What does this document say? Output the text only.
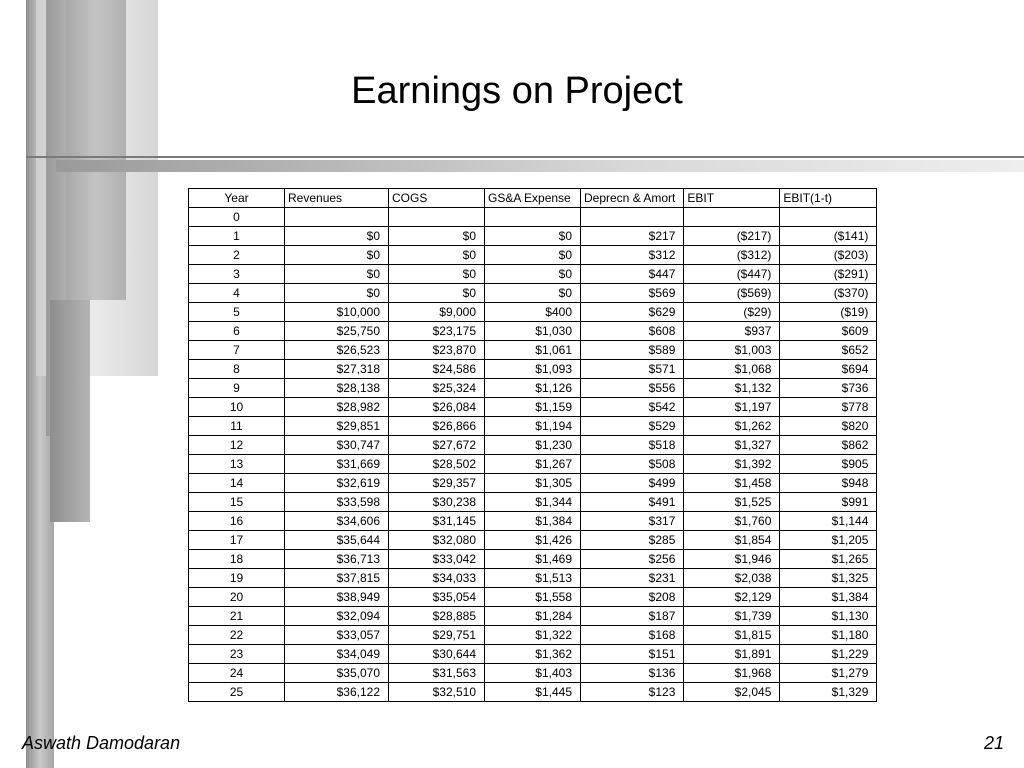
Earnings on Project
Year	Revenues	COGS	GS&A Expense	Deprecn & Amort	EBIT	EBIT(1-t)
0						
1	$0	$0	$0	$217	($217)	($141)
2	$0	$0	$0	$312	($312)	($203)
3	$0	$0	$0	$447	($447)	($291)
4	$0	$0	$0	$569	($569)	($370)
5	$10,000	$9,000	$400	$629	($29)	($19)
6	$25,750	$23,175	$1,030	$608	$937	$609
7	$26,523	$23,870	$1,061	$589	$1,003	$652
8	$27,318	$24,586	$1,093	$571	$1,068	$694
9	$28,138	$25,324	$1,126	$556	$1,132	$736
10	$28,982	$26,084	$1,159	$542	$1,197	$778
11	$29,851	$26,866	$1,194	$529	$1,262	$820
12	$30,747	$27,672	$1,230	$518	$1,327	$862
13	$31,669	$28,502	$1,267	$508	$1,392	$905
14	$32,619	$29,357	$1,305	$499	$1,458	$948
15	$33,598	$30,238	$1,344	$491	$1,525	$991
16	$34,606	$31,145	$1,384	$317	$1,760	$1,144
17	$35,644	$32,080	$1,426	$285	$1,854	$1,205
18	$36,713	$33,042	$1,469	$256	$1,946	$1,265
19	$37,815	$34,033	$1,513	$231	$2,038	$1,325
20	$38,949	$35,054	$1,558	$208	$2,129	$1,384
21	$32,094	$28,885	$1,284	$187	$1,739	$1,130
22	$33,057	$29,751	$1,322	$168	$1,815	$1,180
23	$34,049	$30,644	$1,362	$151	$1,891	$1,229
24	$35,070	$31,563	$1,403	$136	$1,968	$1,279
25	$36,122	$32,510	$1,445	$123	$2,045	$1,329
Aswath Damodaran	21
